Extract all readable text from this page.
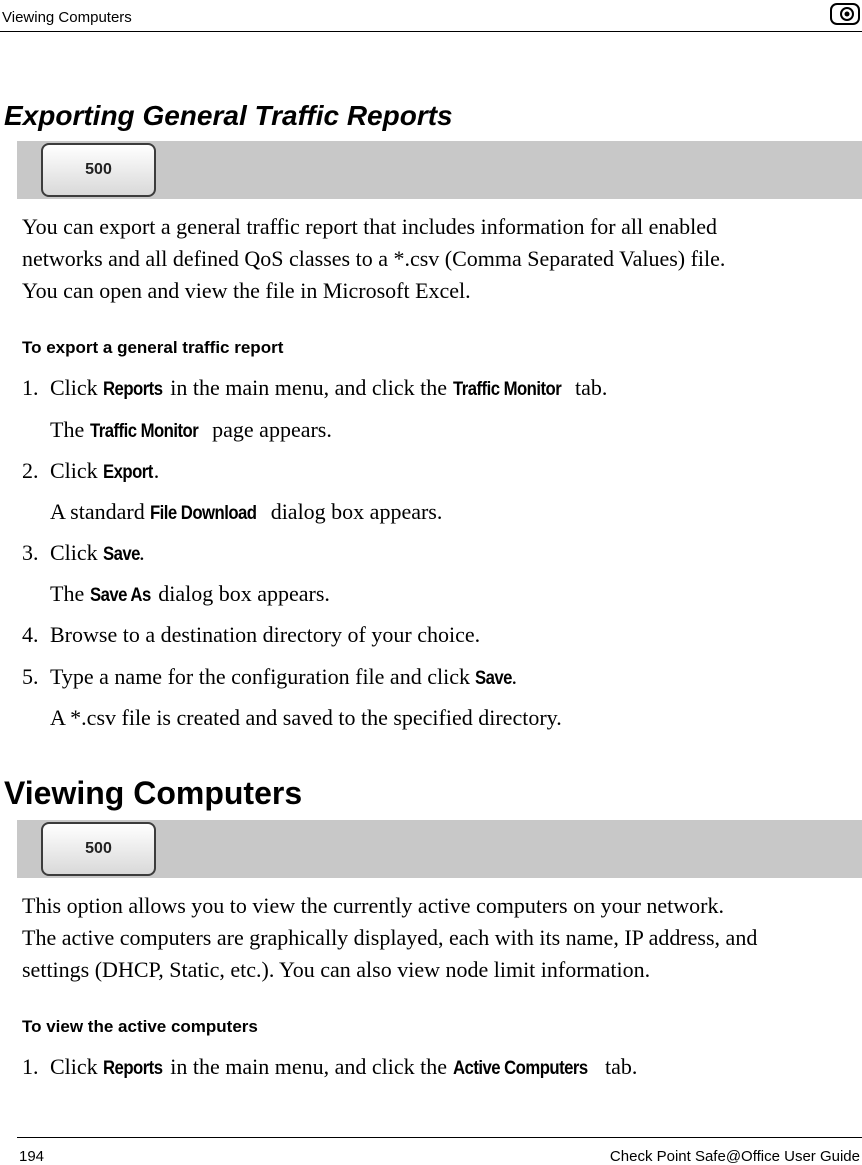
Viewing Computers
Exporting General Traffic Reports
500

You can export a general traffic report that includes information for all enabled
networks and all defined QoS classes to a *.csv (Comma Separated Values) file.
You can open and view the file in Microsoft Excel.

To export a general traffic report

1. Click Reports in the main menu, and click the Traffic Monitor tab.
The Traffic Monitor page appears.
2. Click Export.
A standard File Download dialog box appears.
3. Click Save.
The Save As dialog box appears.
4. Browse to a destination directory of your choice.
5. Type a name for the configuration file and click Save.
A *.csv file is created and saved to the specified directory.
Viewing Computers
500

This option allows you to view the currently active computers on your network.
The active computers are graphically displayed, each with its name, IP address, and
settings (DHCP, Static, etc.). You can also view node limit information.

To view the active computers

1. Click Reports in the main menu, and click the Active Computers tab.
194	Check Point Safe@Office User Guide
